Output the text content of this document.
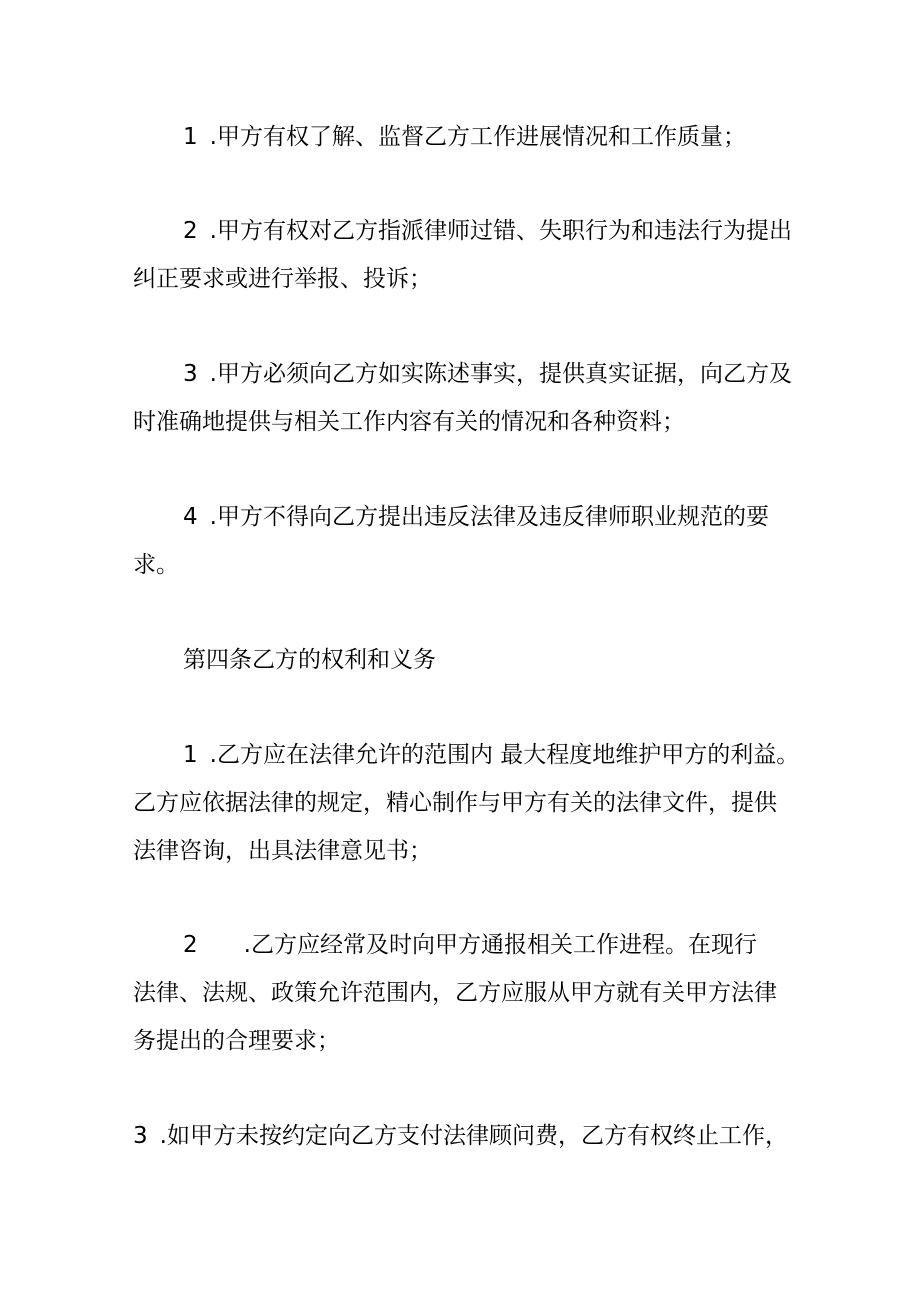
1 .甲方有权了解、监督乙方工作进展情况和工作质量；
2 .甲方有权对乙方指派律师过错、失职行为和违法行为提出
纠正要求或进行举报、投诉；
3 .甲方必须向乙方如实陈述事实，提供真实证据，向乙方及
时准确地提供与相关工作内容有关的情况和各种资料；
4 .甲方不得向乙方提出违反法律及违反律师职业规范的要
求。
第四条乙方的权利和义务
1 .乙方应在法律允许的范围内 最大程度地维护甲方的利益。
乙方应依据法律的规定，精心制作与甲方有关的法律文件，提供
法律咨询，出具法律意见书；
2 .乙方应经常及时向甲方通报相关工作进程。在现行
法律、法规、政策允许范围内，乙方应服从甲方就有关甲方法律
务提出的合理要求；
3 .如甲方未按约定向乙方支付法律顾问费，乙方有权终止工作，
